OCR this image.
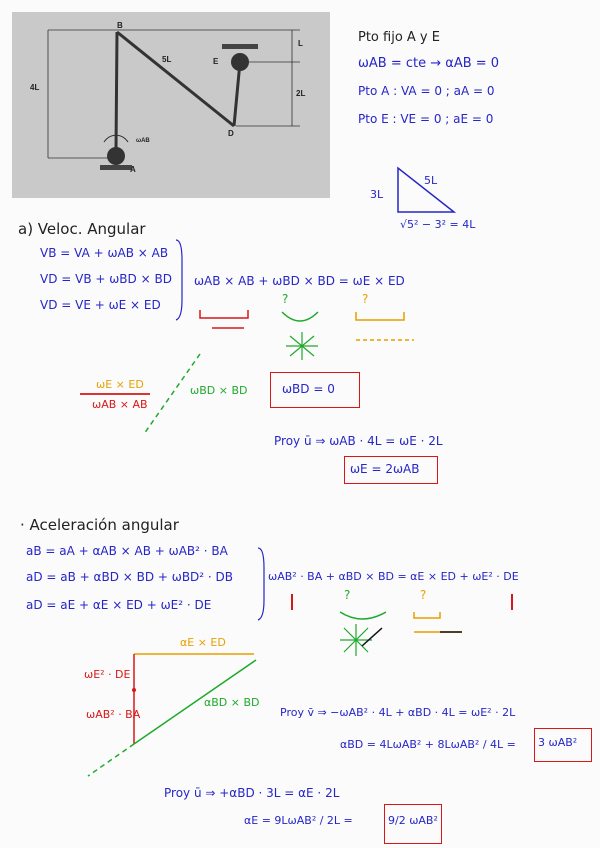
B
E
A
D
4L
5L
L
2L
ωAB
Pto fijo A y E
ωAB = cte → αAB = 0
Pto A : VA = 0 ; aA = 0
Pto E : VE = 0 ; aE = 0
5L
3L
√5² − 3² = 4L
a) Veloc. Angular
VB = VA + ωAB × AB
VD = VB + ωBD × BD
VD = VE + ωE × ED
ωAB × AB + ωBD × BD = ωE × ED
?	?
ωE × ED
ωAB × AB
ωBD × BD	ωBD = 0
Proy ū ⇒ ωAB · 4L = ωE · 2L
ωE = 2ωAB
· Aceleración angular
aB = aA + αAB × AB + ωAB² · BA
aD = aB + αBD × BD + ωBD² · DB
aD = aE + αE × ED + ωE² · DE
ωAB² · BA + αBD × BD = αE × ED + ωE² · DE
?	?
αE × ED
ωE² · DE
ωAB² · BA
αBD × BD
Proy v̄ ⇒ −ωAB² · 4L + αBD · 4L = ωE² · 2L
αBD = 4LωAB² + 8LωAB² / 4L = 3 ωAB²
Proy ū ⇒ +αBD · 3L = αE · 2L
αE = 9LωAB² / 2L =	9/2 ωAB²
